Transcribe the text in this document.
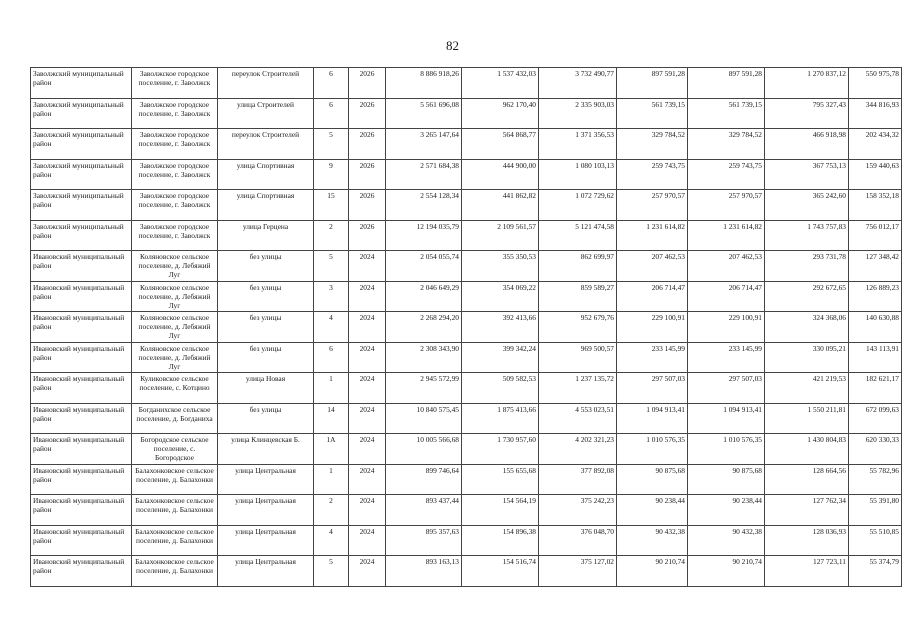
82
Заволжский муниципальный район	Заволжское городское поселение, г. Заволжск	переулок Строителей	6	2026	8 886 918,26	1 537 432,03	3 732 490,77	897 591,28	897 591,28	1 270 837,12	550 975,78
Заволжский муниципальный район	Заволжское городское поселение, г. Заволжск	улица Строителей	6	2026	5 561 696,08	962 170,40	2 335 903,03	561 739,15	561 739,15	795 327,43	344 816,93
Заволжский муниципальный район	Заволжское городское поселение, г. Заволжск	переулок Строителей	5	2026	3 265 147,64	564 868,77	1 371 356,53	329 784,52	329 784,52	466 918,98	202 434,32
Заволжский муниципальный район	Заволжское городское поселение, г. Заволжск	улица Спортивная	9	2026	2 571 684,38	444 900,00	1 080 103,13	259 743,75	259 743,75	367 753,13	159 440,63
Заволжский муниципальный район	Заволжское городское поселение, г. Заволжск	улица Спортивная	15	2026	2 554 128,34	441 862,82	1 072 729,62	257 970,57	257 970,57	365 242,60	158 352,18
Заволжский муниципальный район	Заволжское городское поселение, г. Заволжск	улица Герцена	2	2026	12 194 035,79	2 109 561,57	5 121 474,58	1 231 614,82	1 231 614,82	1 743 757,83	756 012,17
Ивановский муниципальный район	Коляновское сельское поселение, д. Лебяжий Луг	без улицы	5	2024	2 054 055,74	355 350,53	862 699,97	207 462,53	207 462,53	293 731,78	127 348,42
Ивановский муниципальный район	Коляновское сельское поселение, д. Лебяжий Луг	без улицы	3	2024	2 046 649,29	354 069,22	859 589,27	206 714,47	206 714,47	292 672,65	126 889,23
Ивановский муниципальный район	Коляновское сельское поселение, д. Лебяжий Луг	без улицы	4	2024	2 268 294,20	392 413,66	952 679,76	229 100,91	229 100,91	324 368,06	140 630,88
Ивановский муниципальный район	Коляновское сельское поселение, д. Лебяжий Луг	без улицы	6	2024	2 308 343,90	399 342,24	969 500,57	233 145,99	233 145,99	330 095,21	143 113,91
Ивановский муниципальный район	Куликовское сельское поселение, с. Котцино	улица Новая	1	2024	2 945 572,99	509 582,53	1 237 135,72	297 507,03	297 507,03	421 219,53	182 621,17
Ивановский муниципальный район	Богданихское сельское поселение, д. Богданиха	без улицы	14	2024	10 840 575,45	1 875 413,66	4 553 023,51	1 094 913,41	1 094 913,41	1 550 211,81	672 099,63
Ивановский муниципальный район	Богородское сельское поселение, с. Богородское	улица Клинцевская Б.	1А	2024	10 005 566,68	1 730 957,60	4 202 321,23	1 010 576,35	1 010 576,35	1 430 804,83	620 330,33
Ивановский муниципальный район	Балахонковское сельское поселение, д. Балахонки	улица Центральная	1	2024	899 746,64	155 655,68	377 892,08	90 875,68	90 875,68	128 664,56	55 782,96
Ивановский муниципальный район	Балахонковское сельское поселение, д. Балахонки	улица Центральная	2	2024	893 437,44	154 564,19	375 242,23	90 238,44	90 238,44	127 762,34	55 391,80
Ивановский муниципальный район	Балахонковское сельское поселение, д. Балахонки	улица Центральная	4	2024	895 357,63	154 896,38	376 048,70	90 432,38	90 432,38	128 036,93	55 510,85
Ивановский муниципальный район	Балахонковское сельское поселение, д. Балахонки	улица Центральная	5	2024	893 163,13	154 516,74	375 127,02	90 210,74	90 210,74	127 723,11	55 374,79
